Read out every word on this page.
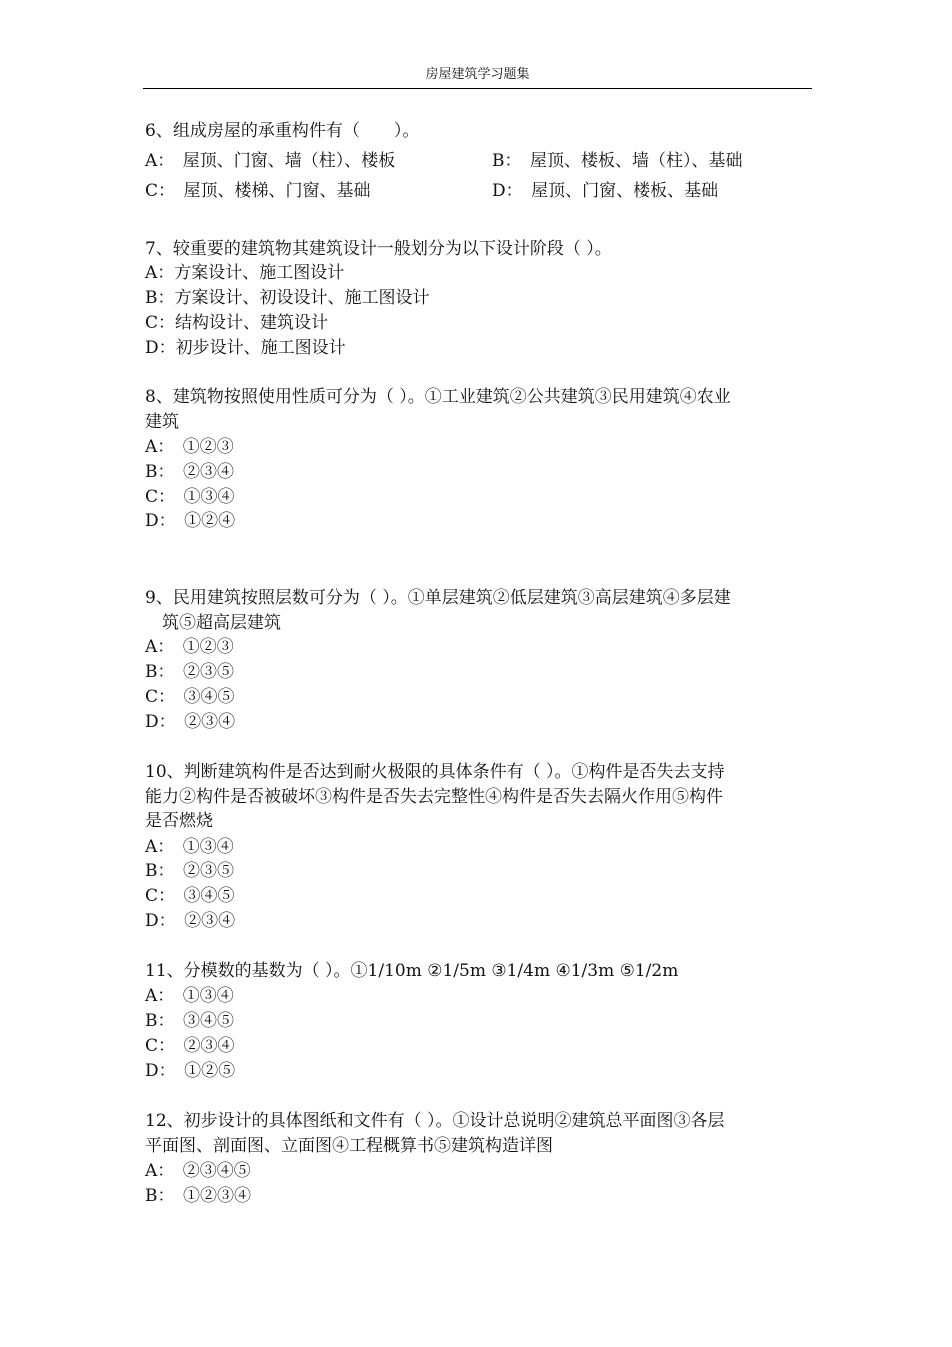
房屋建筑学习题集
6、组成房屋的承重构件有（　　）。
A：　屋顶、门窗、墙（柱）、楼板	B：　屋顶、楼板、墙（柱）、基础
C：　屋顶、楼梯、门窗、基础	D：　屋顶、门窗、楼板、基础
7、较重要的建筑物其建筑设计一般划分为以下设计阶段（ ）。
A：方案设计、施工图设计
B：方案设计、初设设计、施工图设计
C：结构设计、建筑设计
D：初步设计、施工图设计
8、建筑物按照使用性质可分为（ ）。①工业建筑②公共建筑③民用建筑④农业
建筑
A：　①②③
B：　②③④
C：　①③④
D：　①②④
9、民用建筑按照层数可分为（ ）。①单层建筑②低层建筑③高层建筑④多层建
　筑⑤超高层建筑
A：　①②③
B：　②③⑤
C：　③④⑤
D：　②③④
10、判断建筑构件是否达到耐火极限的具体条件有（ ）。①构件是否失去支持
能力②构件是否被破坏③构件是否失去完整性④构件是否失去隔火作用⑤构件
是否燃烧
A：　①③④
B：　②③⑤
C：　③④⑤
D：　②③④
11、分模数的基数为（ ）。①1/10m ②1/5m ③1/4m ④1/3m ⑤1/2m
A：　①③④
B：　③④⑤
C：　②③④
D：　①②⑤
12、初步设计的具体图纸和文件有（ ）。①设计总说明②建筑总平面图③各层
平面图、剖面图、立面图④工程概算书⑤建筑构造详图
A：　②③④⑤
B：　①②③④
